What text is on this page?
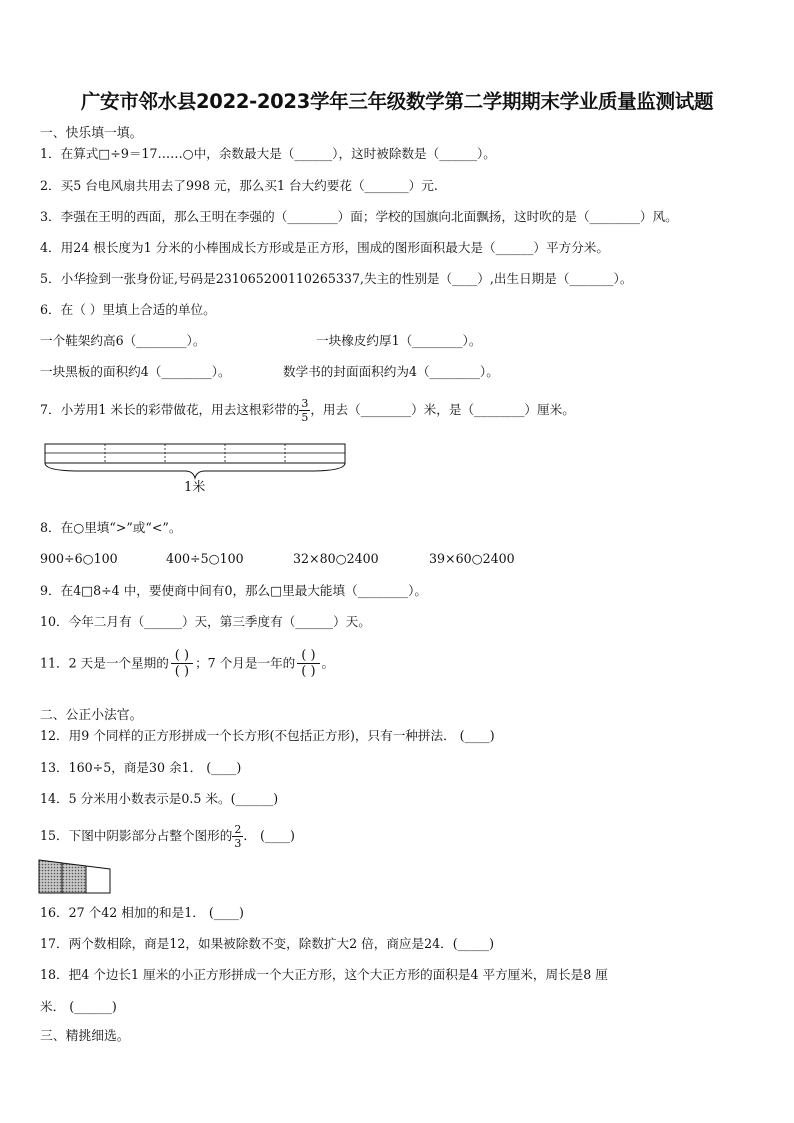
广安市邻水县2022-2023学年三年级数学第二学期期末学业质量监测试题
一、快乐填一填。
1．在算式□÷9＝17……○中，余数最大是（______），这时被除数是（______）。
2．买5 台电风扇共用去了998 元，那么买1 台大约要花（_______）元.
3．李强在王明的西面，那么王明在李强的（________）面；学校的国旗向北面飘扬，这时吹的是（________）风。
4．用24 根长度为1 分米的小棒围成长方形或是正方形，围成的图形面积最大是（______）平方分米。
5．小华捡到一张身份证,号码是231065200110265337,失主的性别是（____）,出生日期是（_______）。
6．在（ ）里填上合适的单位。
一个鞋架约高6（________）。	一块橡皮约厚1（________）。
一块黑板的面积约4（________）。	数学书的封面面积约为4（________）。
7．小芳用1 米长的彩带做花，用去这根彩带的 $\frac{3}{5}$ ，用去（________）米，是（________）厘米。
1米
8．在○里填“>”或“<”。
900÷6○100	400÷5○100	32×80○2400	39×60○2400
9．在4□8÷4 中，要使商中间有0，那么□里最大能填（________）。
10．今年二月有（______）天，第三季度有（______）天。
11．2 天是一个星期的 $\frac{( )}{( )}$ ；7 个月是一年的 $\frac{( )}{( )}$ 。
二、公正小法官。
12．用9 个同样的正方形拼成一个长方形(不包括正方形)，只有一种拼法． (____)
13．160÷5，商是30 余1． (____)
14．5 分米用小数表示是0.5 米。(______)
15．下图中阴影部分占整个图形的 $\frac{2}{3}$ ． (____)
16．27 个42 相加的和是1． (____)
17．两个数相除，商是12，如果被除数不变，除数扩大2 倍，商应是24．(_____)
18．把4 个边长1 厘米的小正方形拼成一个大正方形，这个大正方形的面积是4 平方厘米，周长是8 厘
米． (______)
三、精挑细选。
